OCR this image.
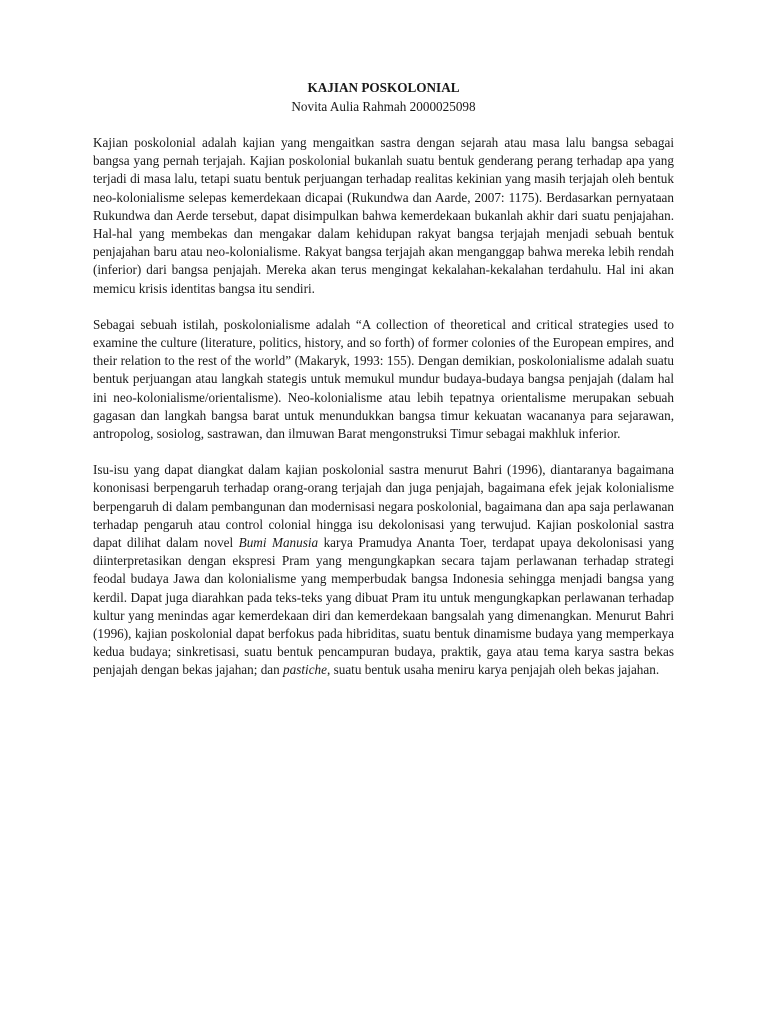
KAJIAN POSKOLONIAL

Novita Aulia Rahmah 2000025098

Kajian poskolonial adalah kajian yang mengaitkan sastra dengan sejarah atau masa lalu bangsa sebagai bangsa yang pernah terjajah. Kajian poskolonial bukanlah suatu bentuk genderang perang terhadap apa yang terjadi di masa lalu, tetapi suatu bentuk perjuangan terhadap realitas kekinian yang masih terjajah oleh bentuk neo-kolonialisme selepas kemerdekaan dicapai (Rukundwa dan Aarde, 2007: 1175). Berdasarkan pernyataan Rukundwa dan Aerde tersebut, dapat disimpulkan bahwa kemerdekaan bukanlah akhir dari suatu penjajahan. Hal-hal yang membekas dan mengakar dalam kehidupan rakyat bangsa terjajah menjadi sebuah bentuk penjajahan baru atau neo-kolonialisme. Rakyat bangsa terjajah akan menganggap bahwa mereka lebih rendah (inferior) dari bangsa penjajah. Mereka akan terus mengingat kekalahan-kekalahan terdahulu. Hal ini akan memicu krisis identitas bangsa itu sendiri.

Sebagai sebuah istilah, poskolonialisme adalah “A collection of theoretical and critical strategies used to examine the culture (literature, politics, history, and so forth) of former colonies of the European empires, and their relation to the rest of the world” (Makaryk, 1993: 155). Dengan demikian, poskolonialisme adalah suatu bentuk perjuangan atau langkah stategis untuk memukul mundur budaya-budaya bangsa penjajah (dalam hal ini neo-kolonialisme/orientalisme). Neo-kolonialisme atau lebih tepatnya orientalisme merupakan sebuah gagasan dan langkah bangsa barat untuk menundukkan bangsa timur kekuatan wacananya para sejarawan, antropolog, sosiolog, sastrawan, dan ilmuwan Barat mengonstruksi Timur sebagai makhluk inferior.

Isu-isu yang dapat diangkat dalam kajian poskolonial sastra menurut Bahri (1996), diantaranya bagaimana kononisasi berpengaruh terhadap orang-orang terjajah dan juga penjajah, bagaimana efek jejak kolonialisme berpengaruh di dalam pembangunan dan modernisasi negara poskolonial, bagaimana dan apa saja perlawanan terhadap pengaruh atau control colonial hingga isu dekolonisasi yang terwujud. Kajian poskolonial sastra dapat dilihat dalam novel Bumi Manusia karya Pramudya Ananta Toer, terdapat upaya dekolonisasi yang diinterpretasikan dengan ekspresi Pram yang mengungkapkan secara tajam perlawanan terhadap strategi feodal budaya Jawa dan kolonialisme yang memperbudak bangsa Indonesia sehingga menjadi bangsa yang kerdil. Dapat juga diarahkan pada teks-teks yang dibuat Pram itu untuk mengungkapkan perlawanan terhadap kultur yang menindas agar kemerdekaan diri dan kemerdekaan bangsalah yang dimenangkan. Menurut Bahri (1996), kajian poskolonial dapat berfokus pada hibriditas, suatu bentuk dinamisme budaya yang memperkaya kedua budaya; sinkretisasi, suatu bentuk pencampuran budaya, praktik, gaya atau tema karya sastra bekas penjajah dengan bekas jajahan; dan pastiche, suatu bentuk usaha meniru karya penjajah oleh bekas jajahan.
